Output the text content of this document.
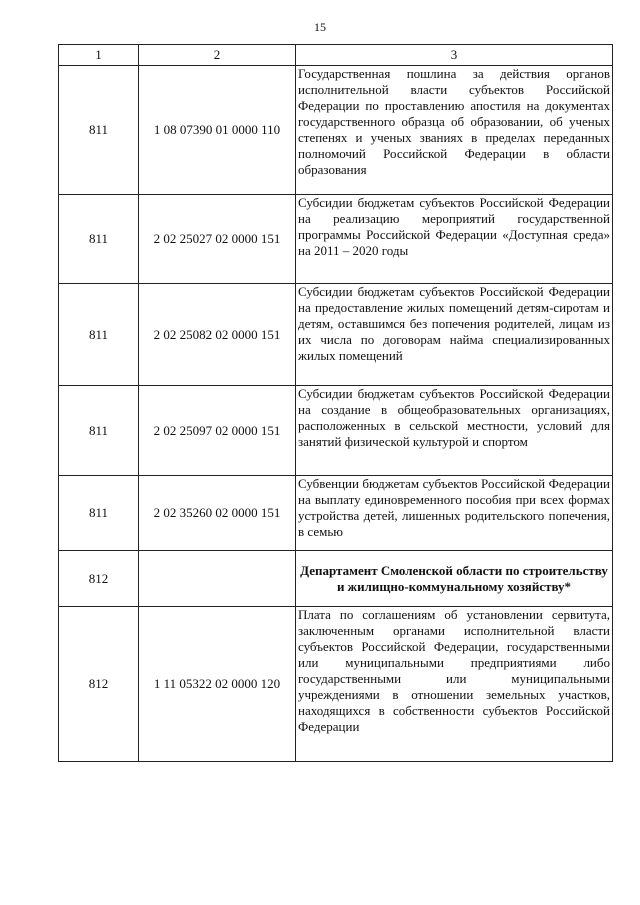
15
1	2	3
811	1 08 07390 01 0000 110	Государственная пошлина за действия органов исполнительной власти субъектов Российской Федерации по проставлению апостиля на документах государственного образца об образовании, об ученых степенях и ученых званиях в пределах переданных полномочий Российской Федерации в области образования
811	2 02 25027 02 0000 151	Субсидии бюджетам субъектов Российской Федерации на реализацию мероприятий государственной программы Российской Федерации «Доступная среда» на 2011 – 2020 годы
811	2 02 25082 02 0000 151	Субсидии бюджетам субъектов Российской Федерации на предоставление жилых помещений детям-сиротам и детям, оставшимся без попечения родителей, лицам из их числа по договорам найма специализированных жилых помещений
811	2 02 25097 02 0000 151	Субсидии бюджетам субъектов Российской Федерации на создание в общеобразовательных организациях, расположенных в сельской местности, условий для занятий физической культурой и спортом
811	2 02 35260 02 0000 151	Субвенции бюджетам субъектов Российской Федерации на выплату единовременного пособия при всех формах устройства детей, лишенных родительского попечения, в семью
812		Департамент Смоленской области по строительству и жилищно-коммунальному хозяйству*
812	1 11 05322 02 0000 120	Плата по соглашениям об установлении сервитута, заключенным органами исполнительной власти субъектов Российской Федерации, государственными или муниципальными предприятиями либо государственными или муниципальными учреждениями в отношении земельных участков, находящихся в собственности субъектов Российской Федерации
